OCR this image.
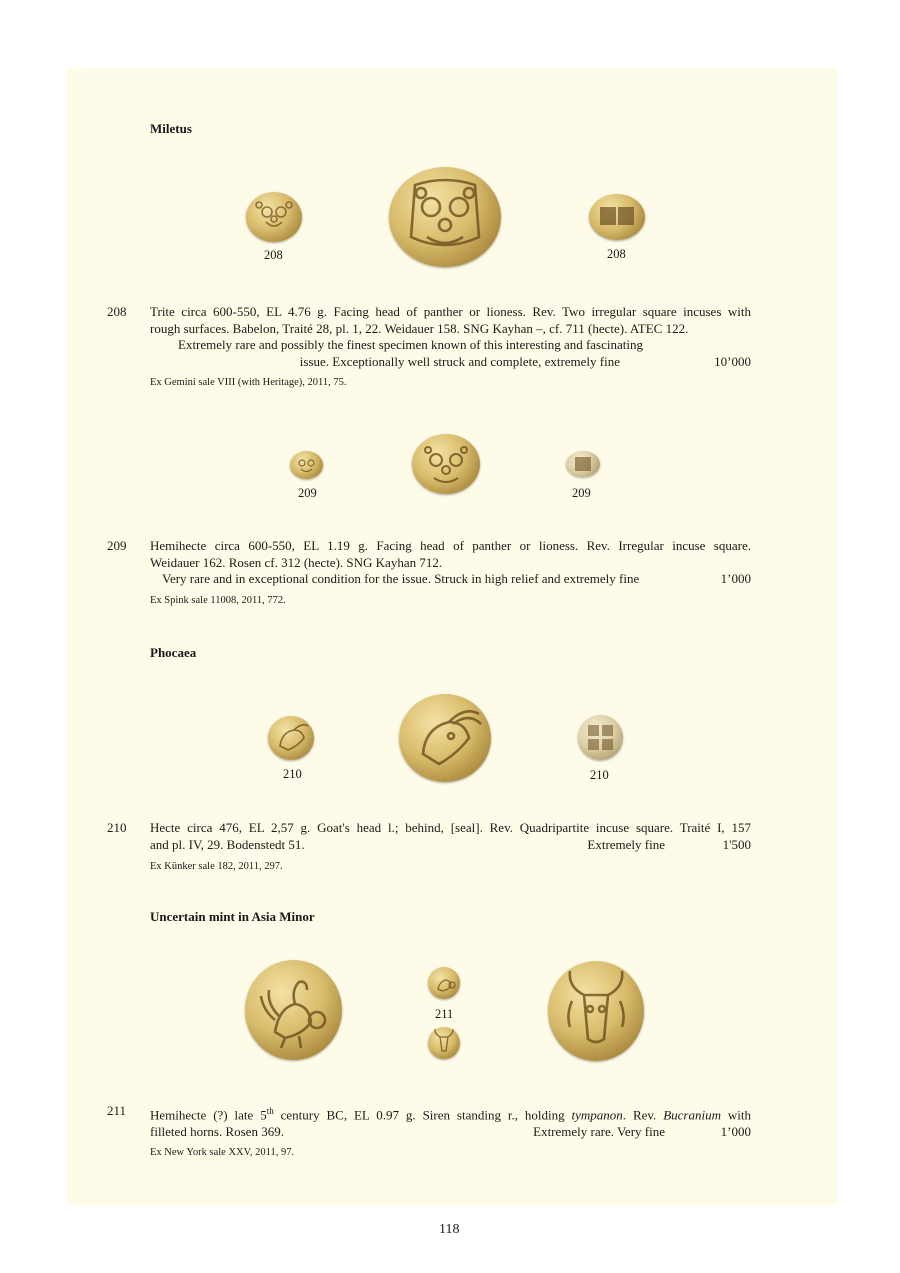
Miletus
208	208
208 Trite circa 600-550, EL 4.76 g. Facing head of panther or lioness. Rev. Two irregular square incuses with
rough surfaces. Babelon, Traité 28, pl. 1, 22. Weidauer 158. SNG Kayhan –, cf. 711 (hecte). ATEC 122.
Extremely rare and possibly the finest specimen known of this interesting and fascinating
issue. Exceptionally well struck and complete, extremely fine	10’000
Ex Gemini sale VIII (with Heritage), 2011, 75.
209	209
209 Hemihecte circa 600-550, EL 1.19 g. Facing head of panther or lioness. Rev. Irregular incuse square.
Weidauer 162. Rosen cf. 312 (hecte). SNG Kayhan 712.
Very rare and in exceptional condition for the issue. Struck in high relief and extremely fine	1’000
Ex Spink sale 11008, 2011, 772.
Phocaea
210	210
210 Hecte circa 476, EL 2,57 g. Goat's head l.; behind, [seal]. Rev. Quadripartite incuse square. Traité I, 157
and pl. IV, 29. Bodenstedt 51.	Extremely fine	1'500
Ex Künker sale 182, 2011, 297.
Uncertain mint in Asia Minor
211
211 Hemihecte (?) late 5th century BC, EL 0.97 g. Siren standing r., holding tympanon. Rev. Bucranium with
filleted horns. Rosen 369.	Extremely rare. Very fine	1’000
Ex New York sale XXV, 2011, 97.
118
